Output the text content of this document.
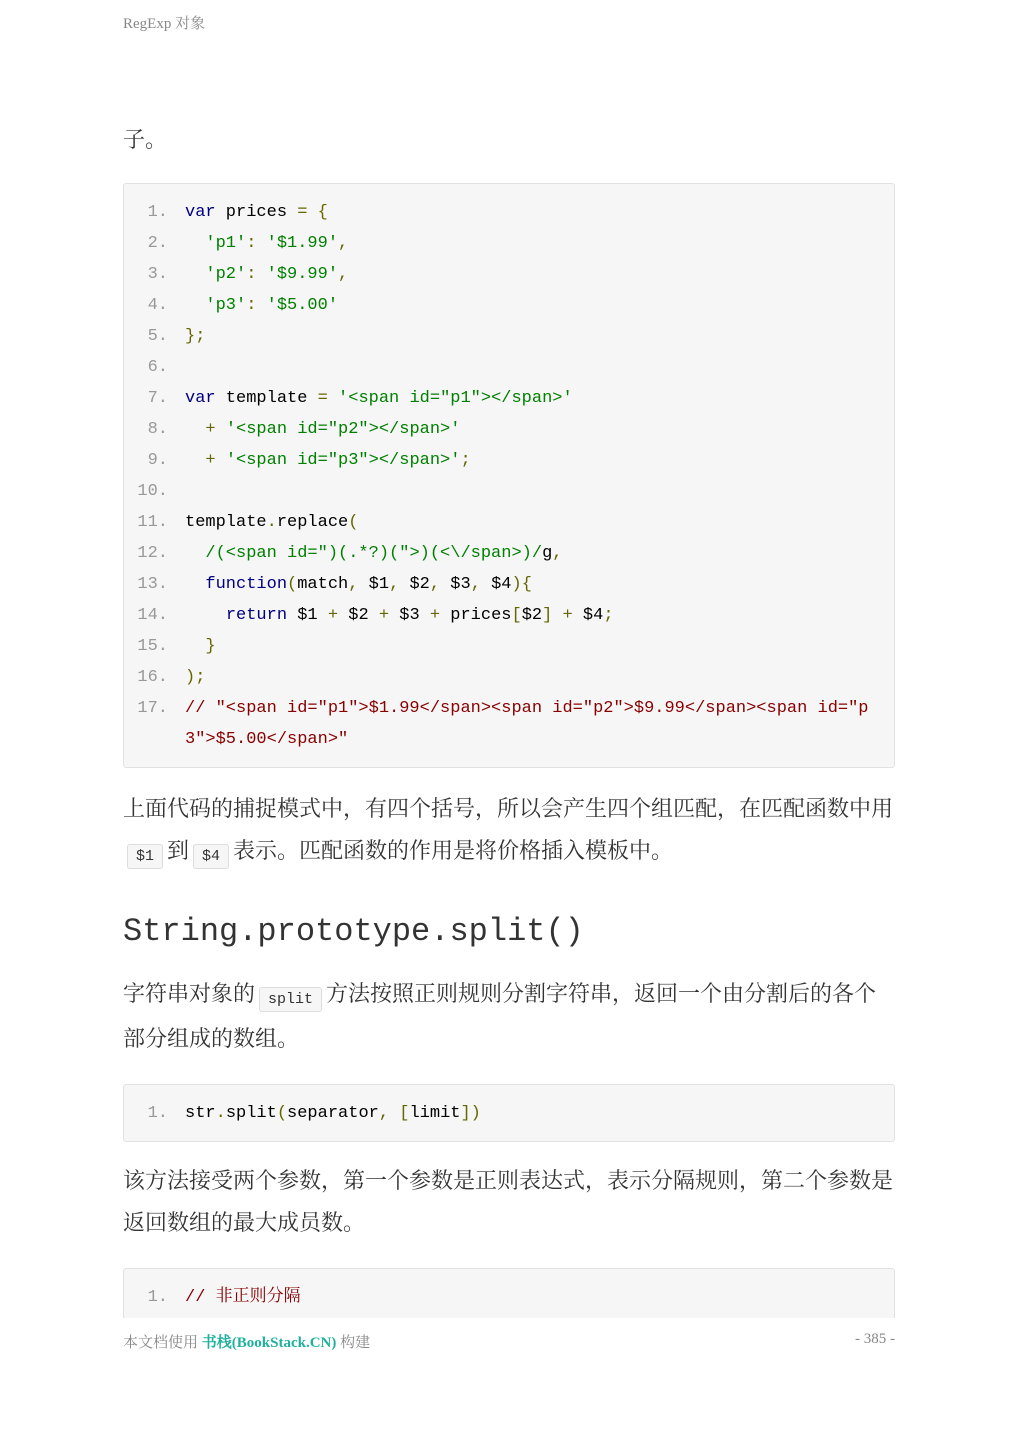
RegExp 对象

子。

1.	var prices = {
2.	'p1': '$1.99',
3.	'p2': '$9.99',
4.	'p3': '$5.00'
5.	};
6.

7.	var template = '<span id="p1"></span>'
8.	+ '<span id="p2"></span>'
9.	+ '<span id="p3"></span>';
10.

11.	template.replace(
12.	/(<span id=")(.*?)(">)(<\/span>)/g,
13.	function(match, $1, $2, $3, $4){
14.	return $1 + $2 + $3 + prices[$2] + $4;
15.	}
16.	);
17.	// "<span id="p1">$1.99</span><span id="p2">$9.99</span><span id="p3">$5.00</span>"

上面代码的捕捉模式中，有四个括号，所以会产生四个组匹配，在匹配函数中用$1 到 $4 表示。匹配函数的作用是将价格插入模板中。

String.prototype.split()

字符串对象的 split 方法按照正则规则分割字符串，返回一个由分割后的各个部分组成的数组。

1.	str.split(separator, [limit])

该方法接受两个参数，第一个参数是正则表达式，表示分隔规则，第二个参数是返回数组的最大成员数。

1.	// 非正则分隔
本文档使用 书栈(BookStack.CN) 构建	- 385 -
